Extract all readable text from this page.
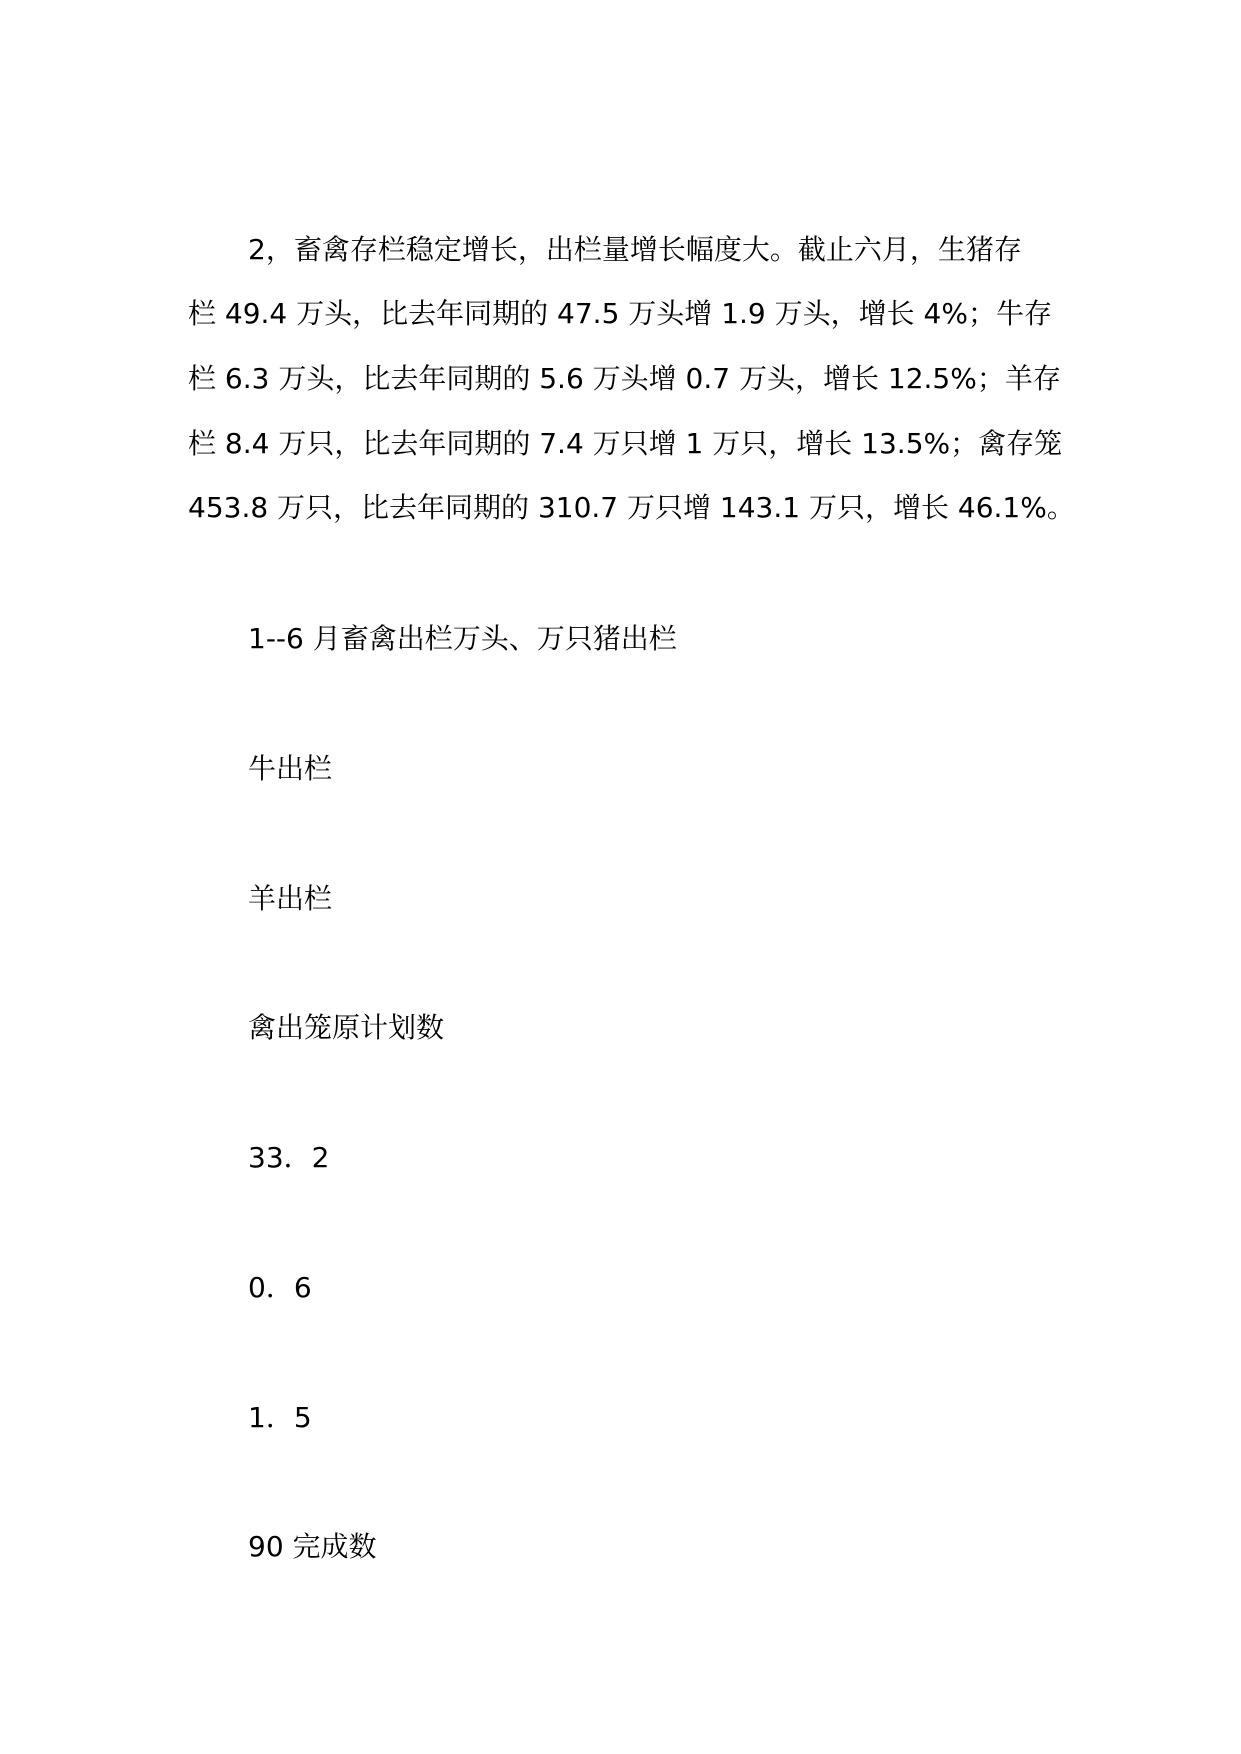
2，畜禽存栏稳定增长，出栏量增长幅度大。截止六月，生猪存
栏 49.4 万头，比去年同期的 47.5 万头增 1.9 万头，增长 4%；牛存
栏 6.3 万头，比去年同期的 5.6 万头增 0.7 万头，增长 12.5%；羊存
栏 8.4 万只，比去年同期的 7.4 万只增 1 万只，增长 13.5%；禽存笼
453.8 万只，比去年同期的 310.7 万只增 143.1 万只，增长 46.1%。
1--6 月畜禽出栏万头、万只猪出栏
牛出栏
羊出栏
禽出笼原计划数
33．2
0．6
1．5
90 完成数
